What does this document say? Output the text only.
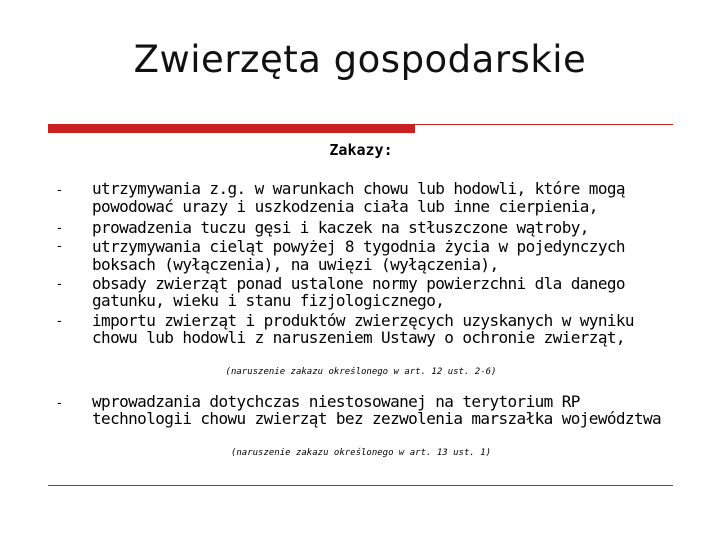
Zwierzęta gospodarskie
Zakazy:
-
-
-
-
-
utrzymywania z.g. w warunkach chowu lub hodowli, które mogą
powodować urazy i uszkodzenia ciała lub inne cierpienia,
prowadzenia tuczu gęsi i kaczek na stłuszczone wątroby,
utrzymywania cieląt powyżej 8 tygodnia życia w pojedynczych
boksach (wyłączenia), na uwięzi (wyłączenia),
obsady zwierząt ponad ustalone normy powierzchni dla danego
gatunku, wieku i stanu fizjologicznego,
importu zwierząt i produktów zwierzęcych uzyskanych w wyniku
chowu lub hodowli z naruszeniem Ustawy o ochronie zwierząt,
(naruszenie zakazu określonego w art. 12 ust. 2-6)
- wprowadzania dotychczas niestosowanej na terytorium RP
technologii chowu zwierząt bez zezwolenia marszałka województwa
(naruszenie zakazu określonego w art. 13 ust. 1)
